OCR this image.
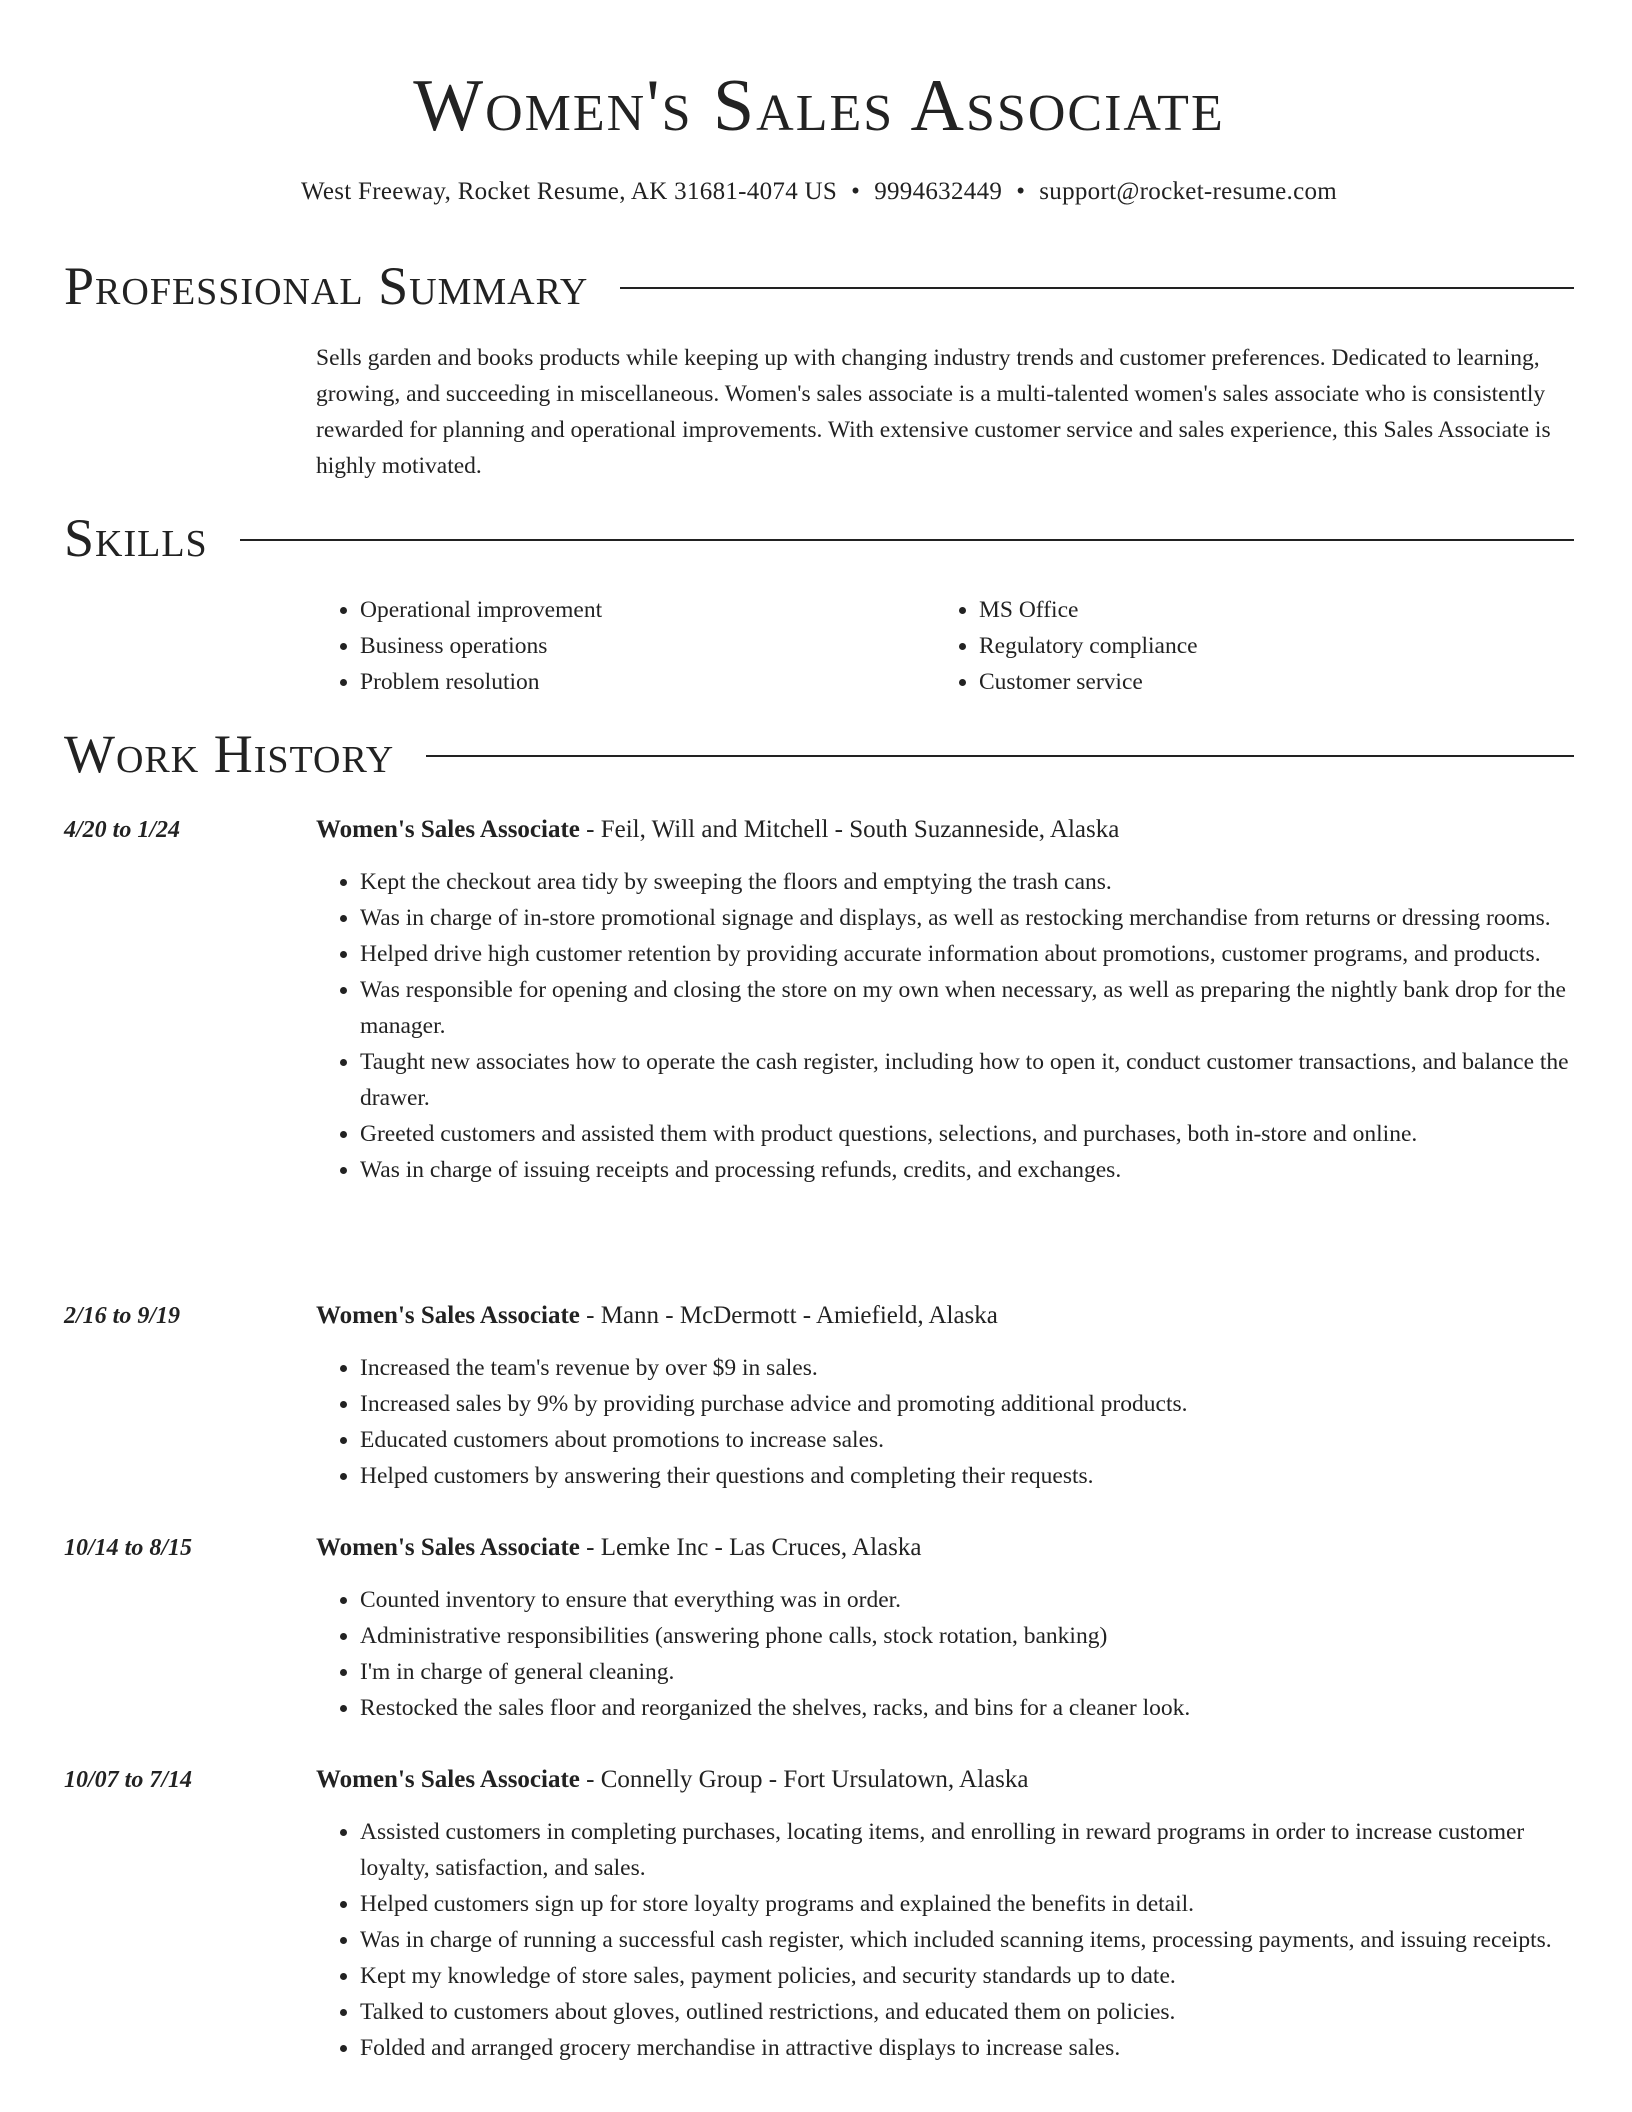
Women's Sales Associate
West Freeway, Rocket Resume, AK 31681-4074 US • 9994632449 • support@rocket-resume.com
Professional Summary

Sells garden and books products while keeping up with changing industry trends and customer preferences. Dedicated to learning, growing, and succeeding in miscellaneous. Women's sales associate is a multi-talented women's sales associate who is consistently rewarded for planning and operational improvements. With extensive customer service and sales experience, this Sales Associate is highly motivated.

Skills
• Operational improvement
• Business operations
• Problem resolution
• MS Office
• Regulatory compliance
• Customer service
Work History
4/20 to 1/24	Women's Sales Associate - Feil, Will and Mitchell - South Suzanneside, Alaska
• Kept the checkout area tidy by sweeping the floors and emptying the trash cans.
• Was in charge of in-store promotional signage and displays, as well as restocking merchandise from returns or dressing rooms.
• Helped drive high customer retention by providing accurate information about promotions, customer programs, and products.
• Was responsible for opening and closing the store on my own when necessary, as well as preparing the nightly bank drop for the manager.
• Taught new associates how to operate the cash register, including how to open it, conduct customer transactions, and balance the drawer.
• Greeted customers and assisted them with product questions, selections, and purchases, both in-store and online.
• Was in charge of issuing receipts and processing refunds, credits, and exchanges.
2/16 to 9/19	Women's Sales Associate - Mann - McDermott - Amiefield, Alaska
• Increased the team's revenue by over $9 in sales.
• Increased sales by 9% by providing purchase advice and promoting additional products.
• Educated customers about promotions to increase sales.
• Helped customers by answering their questions and completing their requests.
10/14 to 8/15	Women's Sales Associate - Lemke Inc - Las Cruces, Alaska
• Counted inventory to ensure that everything was in order.
• Administrative responsibilities (answering phone calls, stock rotation, banking)
• I'm in charge of general cleaning.
• Restocked the sales floor and reorganized the shelves, racks, and bins for a cleaner look.
10/07 to 7/14	Women's Sales Associate - Connelly Group - Fort Ursulatown, Alaska
• Assisted customers in completing purchases, locating items, and enrolling in reward programs in order to increase customer loyalty, satisfaction, and sales.
• Helped customers sign up for store loyalty programs and explained the benefits in detail.
• Was in charge of running a successful cash register, which included scanning items, processing payments, and issuing receipts.
• Kept my knowledge of store sales, payment policies, and security standards up to date.
• Talked to customers about gloves, outlined restrictions, and educated them on policies.
• Folded and arranged grocery merchandise in attractive displays to increase sales.
